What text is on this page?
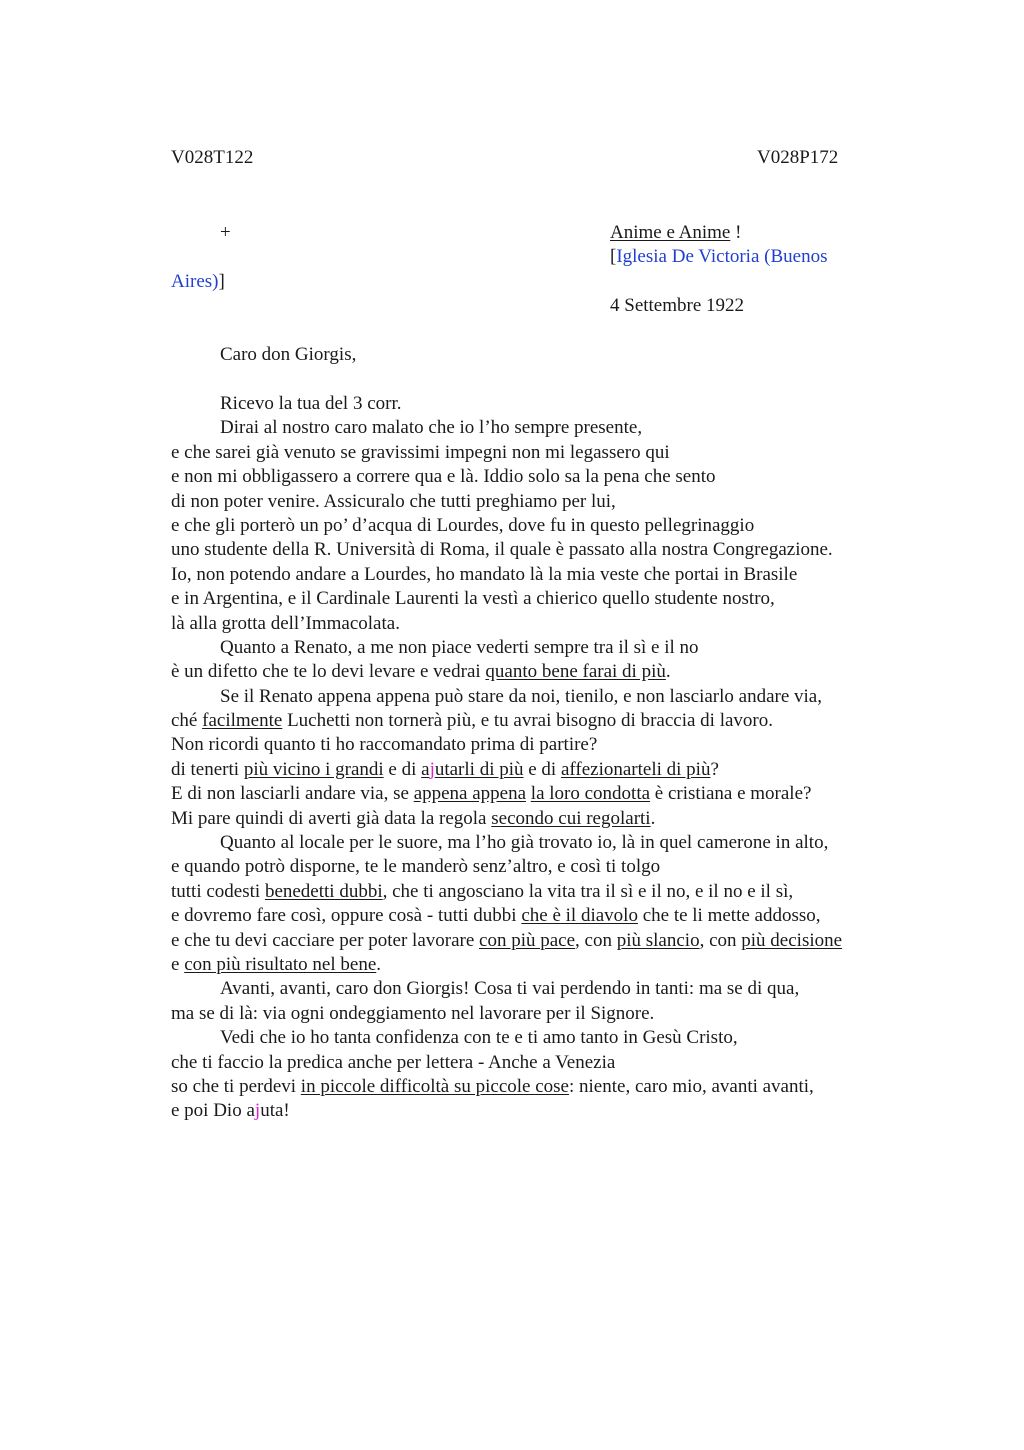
V028T122	V028P172
+	Anime e Anime !
[Iglesia De Victoria (Buenos
Aires)]
4 Settembre 1922
Caro don Giorgis,
Ricevo la tua del 3 corr.
Dirai al nostro caro malato che io l’ho sempre presente,
e che sarei già venuto se gravissimi impegni non mi legassero qui
e non mi obbligassero a correre qua e là. Iddio solo sa la pena che sento
di non poter venire. Assicuralo che tutti preghiamo per lui,
e che gli porterò un po’ d’acqua di Lourdes, dove fu in questo pellegrinaggio
uno studente della R. Università di Roma, il quale è passato alla nostra Congregazione.
Io, non potendo andare a Lourdes, ho mandato là la mia veste che portai in Brasile
e in Argentina, e il Cardinale Laurenti la vestì a chierico quello studente nostro,
là alla grotta dell’Immacolata.
Quanto a Renato, a me non piace vederti sempre tra il sì e il no
è un difetto che te lo devi levare e vedrai quanto bene farai di più.
Se il Renato appena appena può stare da noi, tienilo, e non lasciarlo andare via,
ché facilmente Luchetti non tornerà più, e tu avrai bisogno di braccia di lavoro.
Non ricordi quanto ti ho raccomandato prima di partire?
di tenerti più vicino i grandi e di ajutarli di più e di affezionarteli di più?
E di non lasciarli andare via, se appena appena la loro condotta è cristiana e morale?
Mi pare quindi di averti già data la regola secondo cui regolarti.
Quanto al locale per le suore, ma l’ho già trovato io, là in quel camerone in alto,
e quando potrò disporne, te le manderò senz’altro, e così ti tolgo
tutti codesti benedetti dubbi, che ti angosciano la vita tra il sì e il no, e il no e il sì,
e dovremo fare così, oppure cosà - tutti dubbi che è il diavolo che te li mette addosso,
e che tu devi cacciare per poter lavorare con più pace, con più slancio, con più decisione
e con più risultato nel bene.
Avanti, avanti, caro don Giorgis! Cosa ti vai perdendo in tanti: ma se di qua,
ma se di là: via ogni ondeggiamento nel lavorare per il Signore.
Vedi che io ho tanta confidenza con te e ti amo tanto in Gesù Cristo,
che ti faccio la predica anche per lettera - Anche a Venezia
so che ti perdevi in piccole difficoltà su piccole cose: niente, caro mio, avanti avanti,
e poi Dio ajuta!
